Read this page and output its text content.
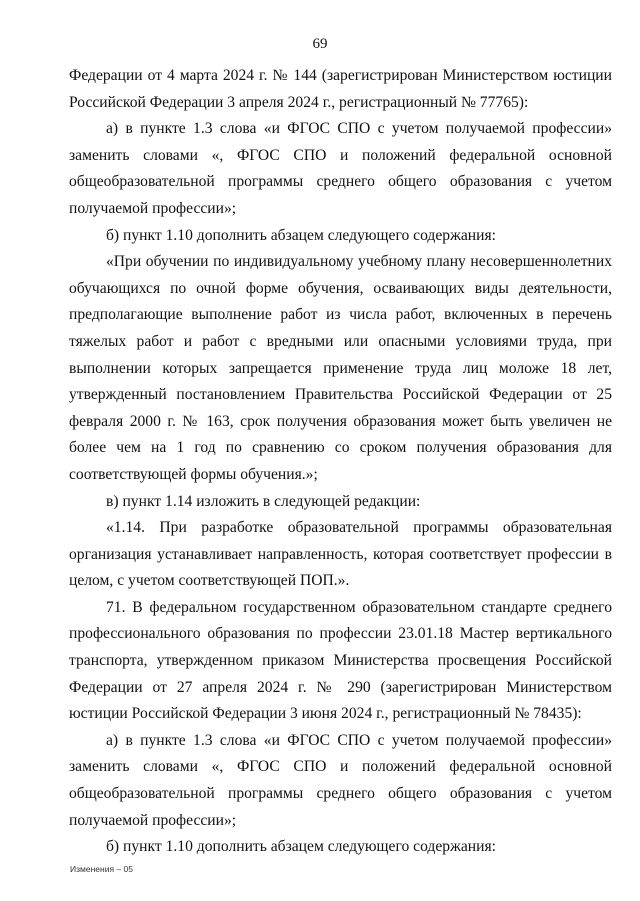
69

Федерации от 4 марта 2024 г. № 144 (зарегистрирован Министерством юстиции Российской Федерации 3 апреля 2024 г., регистрационный № 77765):

а) в пункте 1.3 слова «и ФГОС СПО с учетом получаемой профессии» заменить словами «, ФГОС СПО и положений федеральной основной общеобразовательной программы среднего общего образования с учетом получаемой профессии»;

б) пункт 1.10 дополнить абзацем следующего содержания:

«При обучении по индивидуальному учебному плану несовершеннолетних обучающихся по очной форме обучения, осваивающих виды деятельности, предполагающие выполнение работ из числа работ, включенных в перечень тяжелых работ и работ с вредными или опасными условиями труда, при выполнении которых запрещается применение труда лиц моложе 18 лет, утвержденный постановлением Правительства Российской Федерации от 25 февраля 2000 г. № 163, срок получения образования может быть увеличен не более чем на 1 год по сравнению со сроком получения образования для соответствующей формы обучения.»;

в) пункт 1.14 изложить в следующей редакции:

«1.14. При разработке образовательной программы образовательная организация устанавливает направленность, которая соответствует профессии в целом, с учетом соответствующей ПОП.».

71. В федеральном государственном образовательном стандарте среднего профессионального образования по профессии 23.01.18 Мастер вертикального транспорта, утвержденном приказом Министерства просвещения Российской Федерации от 27 апреля 2024 г. № 290 (зарегистрирован Министерством юстиции Российской Федерации 3 июня 2024 г., регистрационный № 78435):

а) в пункте 1.3 слова «и ФГОС СПО с учетом получаемой профессии» заменить словами «, ФГОС СПО и положений федеральной основной общеобразовательной программы среднего общего образования с учетом получаемой профессии»;

б) пункт 1.10 дополнить абзацем следующего содержания:

Изменения – 05
